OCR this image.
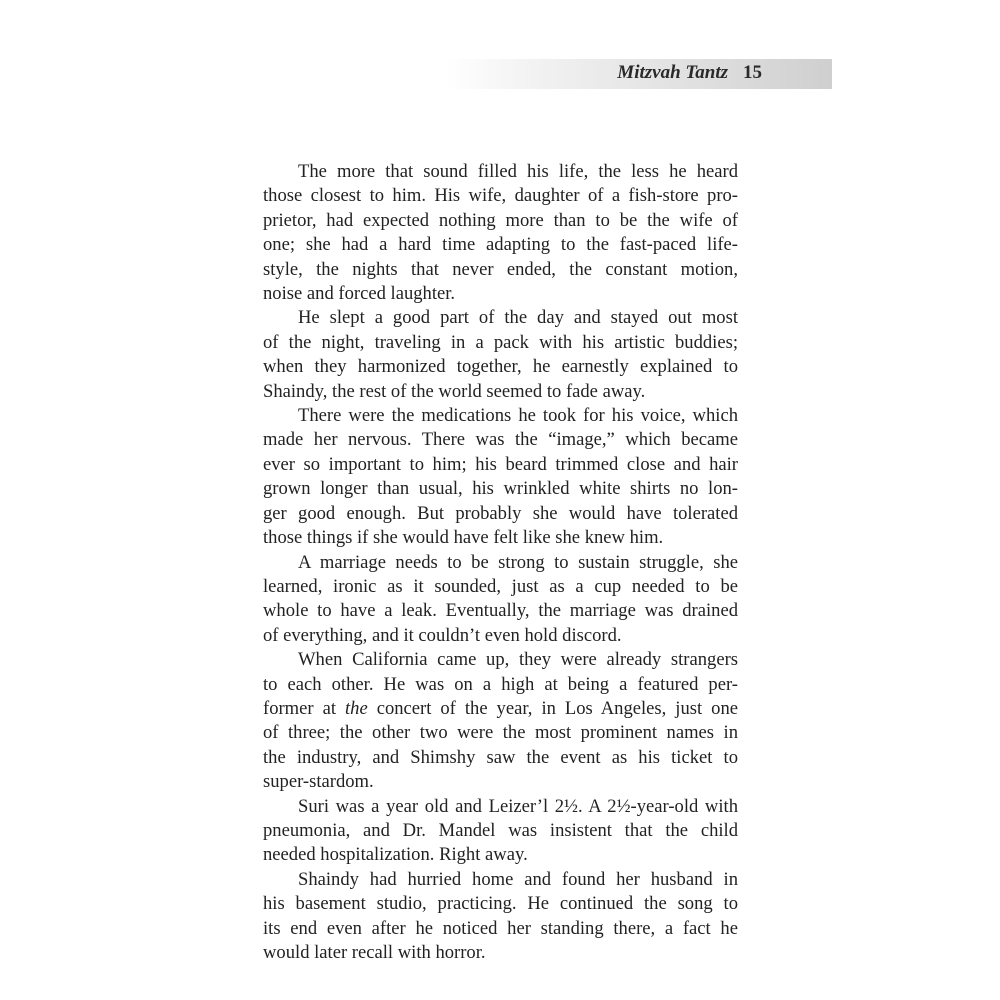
Mitzvah Tantz 15

The more that sound filled his life, the less he heard
those closest to him. His wife, daughter of a fish-store pro-
prietor, had expected nothing more than to be the wife of
one; she had a hard time adapting to the fast-paced life-
style, the nights that never ended, the constant motion,
noise and forced laughter.

He slept a good part of the day and stayed out most
of the night, traveling in a pack with his artistic buddies;
when they harmonized together, he earnestly explained to
Shaindy, the rest of the world seemed to fade away.

There were the medications he took for his voice, which
made her nervous. There was the “image,” which became
ever so important to him; his beard trimmed close and hair
grown longer than usual, his wrinkled white shirts no lon-
ger good enough. But probably she would have tolerated
those things if she would have felt like she knew him.

A marriage needs to be strong to sustain struggle, she
learned, ironic as it sounded, just as a cup needed to be
whole to have a leak. Eventually, the marriage was drained
of everything, and it couldn’t even hold discord.

When California came up, they were already strangers
to each other. He was on a high at being a featured per-
former at the concert of the year, in Los Angeles, just one
of three; the other two were the most prominent names in
the industry, and Shimshy saw the event as his ticket to
super-stardom.

Suri was a year old and Leizer’l 2½. A 2½-year-old with
pneumonia, and Dr. Mandel was insistent that the child
needed hospitalization. Right away.

Shaindy had hurried home and found her husband in
his basement studio, practicing. He continued the song to
its end even after he noticed her standing there, a fact he
would later recall with horror.
